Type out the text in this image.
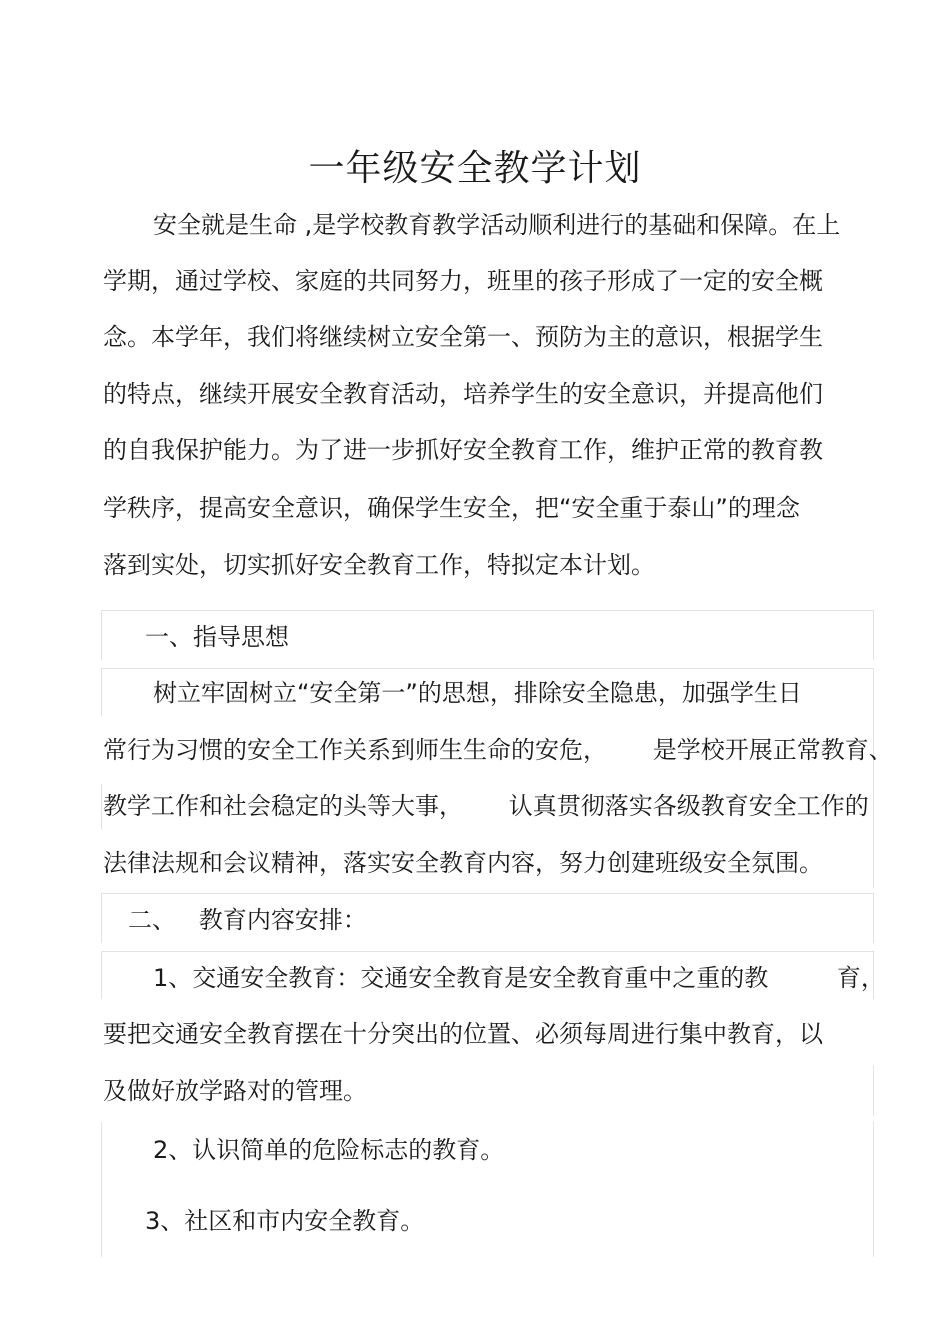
一年级安全教学计划
安全就是生命 ,是学校教育教学活动顺利进行的基础和保障。在上
学期，通过学校、家庭的共同努力，班里的孩子形成了一定的安全概
念。本学年，我们将继续树立安全第一、预防为主的意识，根据学生
的特点，继续开展安全教育活动，培养学生的安全意识，并提高他们
的自我保护能力。为了进一步抓好安全教育工作，维护正常的教育教
学秩序，提高安全意识，确保学生安全，把“安全重于泰山”的理念
落到实处，切实抓好安全教育工作，特拟定本计划。
一、指导思想
树立牢固树立“安全第一”的思想，排除安全隐患，加强学生日
常行为习惯的安全工作关系到师生生命的安危，      是学校开展正常教育、
教学工作和社会稳定的头等大事，      认真贯彻落实各级教育安全工作的
法律法规和会议精神，落实安全教育内容，努力创建班级安全氛围。
二、   教育内容安排：
1、交通安全教育：交通安全教育是安全教育重中之重的教         育，
要把交通安全教育摆在十分突出的位置、必须每周进行集中教育，以
及做好放学路对的管理。
2、认识简单的危险标志的教育。
3、社区和市内安全教育。
